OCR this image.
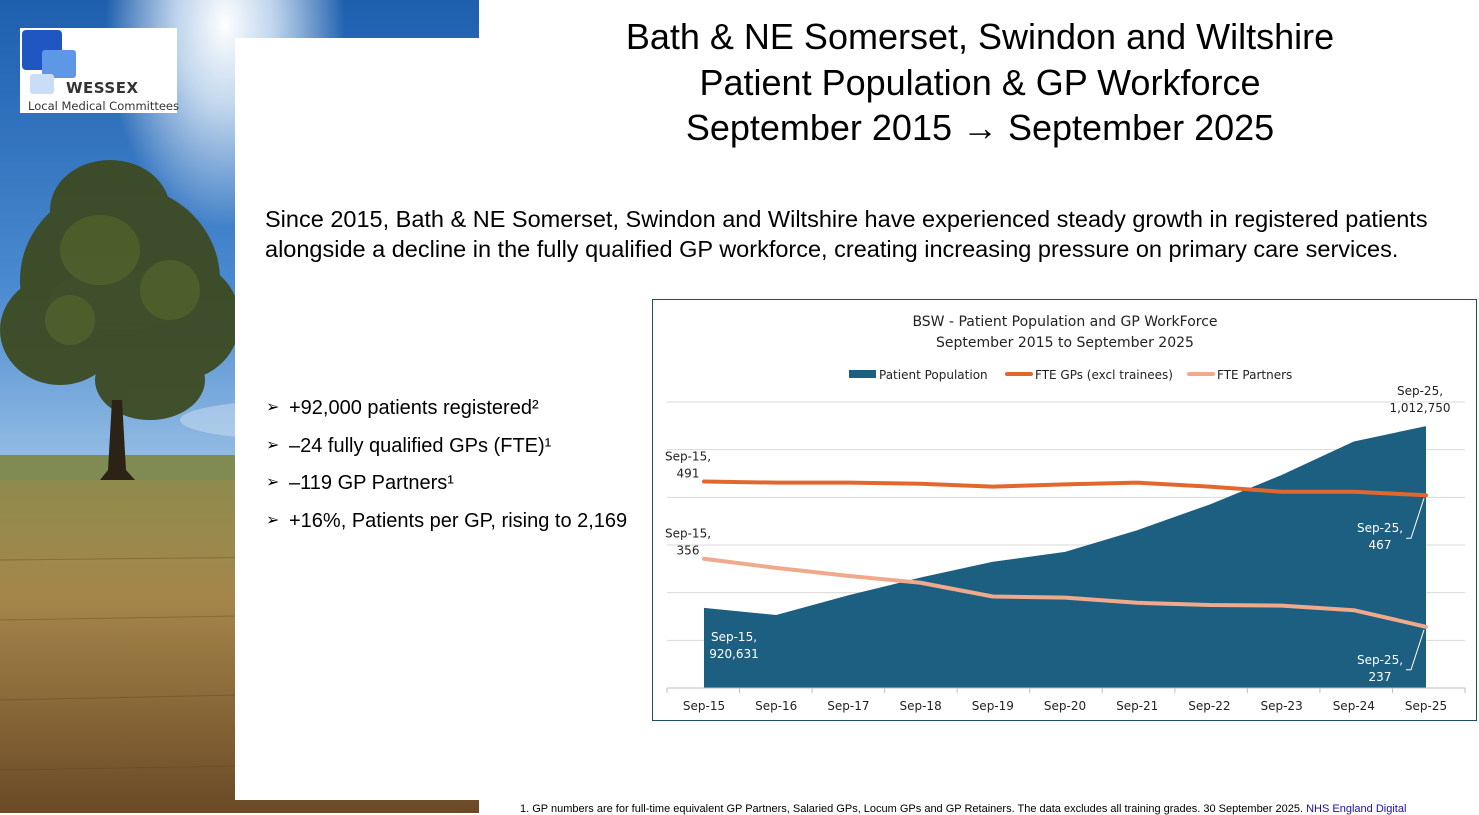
WESSEX
Local Medical Committees
Bath & NE Somerset, Swindon and Wiltshire
Patient Population & GP Workforce
September 2015 → September 2025
Since 2015, Bath & NE Somerset, Swindon and Wiltshire have experienced steady growth in registered patients alongside a decline in the fully qualified GP workforce, creating increasing pressure on primary care services.
➢ +92,000 patients registered²
➢ –24 fully qualified GPs (FTE)¹
➢ –119 GP Partners¹
➢ +16%, Patients per GP, rising to 2,169
BSW - Patient Population and GP WorkForce
September 2015 to September 2025
Patient Population	FTE GPs (excl trainees)	FTE Partners
Sep-15 Sep-16 Sep-17 Sep-18 Sep-19 Sep-20 Sep-21 Sep-22 Sep-23 Sep-24 Sep-25
Sep-15, 920,631
Sep-25, 1,012,750
Sep-15, 491
Sep-25, 467
Sep-15, 356
Sep-25, 237
1. GP numbers are for full-time equivalent GP Partners, Salaried GPs, Locum GPs and GP Retainers. The data excludes all training grades. 30 September 2025. NHS England Digital
